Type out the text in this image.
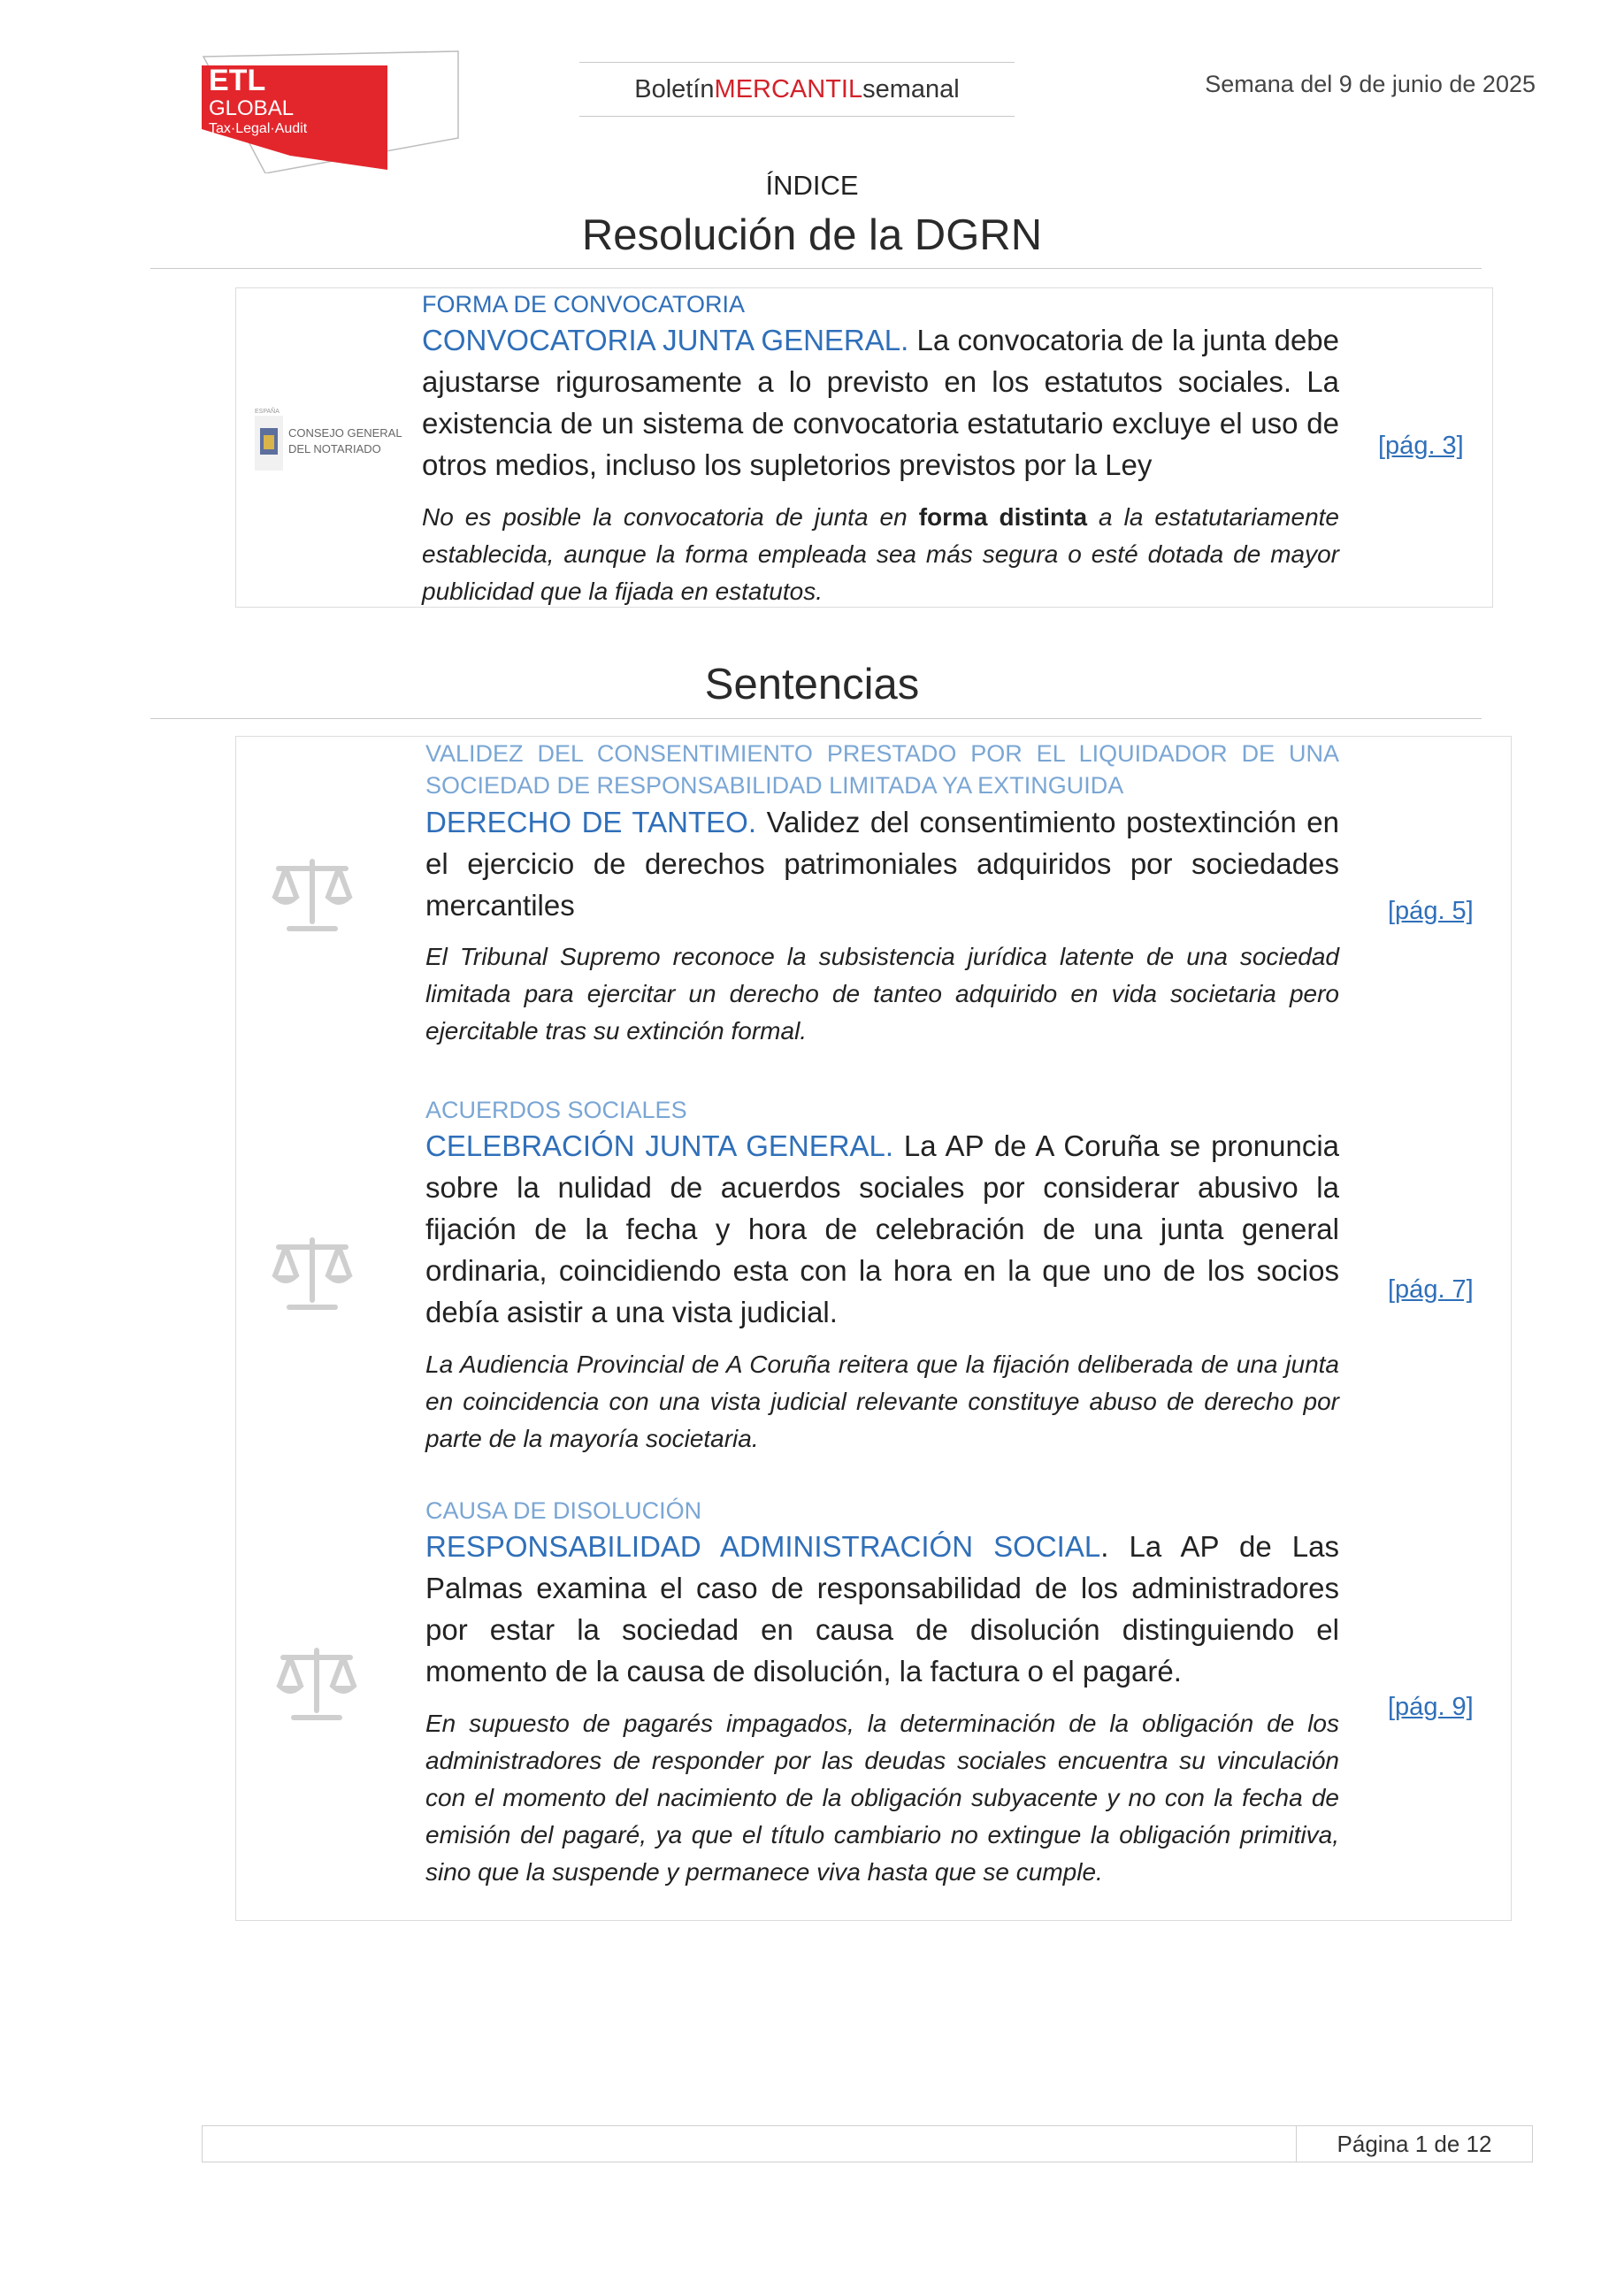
ETL
GLOBAL
Tax·Legal·Audit
Boletín MERCANTIL semanal	Semana del 9 de junio de 2025
ÍNDICE
Resolución de la DGRN
ESPAÑA
CONSEJO GENERAL
DEL NOTARIADO
FORMA DE CONVOCATORIA
CONVOCATORIA JUNTA GENERAL. La convocatoria de la junta debe ajustarse rigurosamente a lo previsto en los estatutos sociales. La existencia de un sistema de convocatoria estatutario excluye el uso de otros medios, incluso los supletorios previstos por la Ley
No es posible la convocatoria de junta en forma distinta a la estatutariamente establecida, aunque la forma empleada sea más segura o esté dotada de mayor publicidad que la fijada en estatutos.
[pág. 3]
Sentencias
VALIDEZ DEL CONSENTIMIENTO PRESTADO POR EL LIQUIDADOR DE UNA SOCIEDAD DE RESPONSABILIDAD LIMITADA YA EXTINGUIDA
DERECHO DE TANTEO. Validez del consentimiento postextinción en el ejercicio de derechos patrimoniales adquiridos por sociedades mercantiles
El Tribunal Supremo reconoce la subsistencia jurídica latente de una sociedad limitada para ejercitar un derecho de tanteo adquirido en vida societaria pero ejercitable tras su extinción formal.
[pág. 5]
ACUERDOS SOCIALES
CELEBRACIÓN JUNTA GENERAL. La AP de A Coruña se pronuncia sobre la nulidad de acuerdos sociales por considerar abusivo la fijación de la fecha y hora de celebración de una junta general ordinaria, coincidiendo esta con la hora en la que uno de los socios debía asistir a una vista judicial.
La Audiencia Provincial de A Coruña reitera que la fijación deliberada de una junta en coincidencia con una vista judicial relevante constituye abuso de derecho por parte de la mayoría societaria.
[pág. 7]
CAUSA DE DISOLUCIÓN
RESPONSABILIDAD ADMINISTRACIÓN SOCIAL. La AP de Las Palmas examina el caso de responsabilidad de los administradores por estar la sociedad en causa de disolución distinguiendo el momento de la causa de disolución, la factura o el pagaré.
En supuesto de pagarés impagados, la determinación de la obligación de los administradores de responder por las deudas sociales encuentra su vinculación con el momento del nacimiento de la obligación subyacente y no con la fecha de emisión del pagaré, ya que el título cambiario no extingue la obligación primitiva, sino que la suspende y permanece viva hasta que se cumple.
[pág. 9]
Página 1 de 12
